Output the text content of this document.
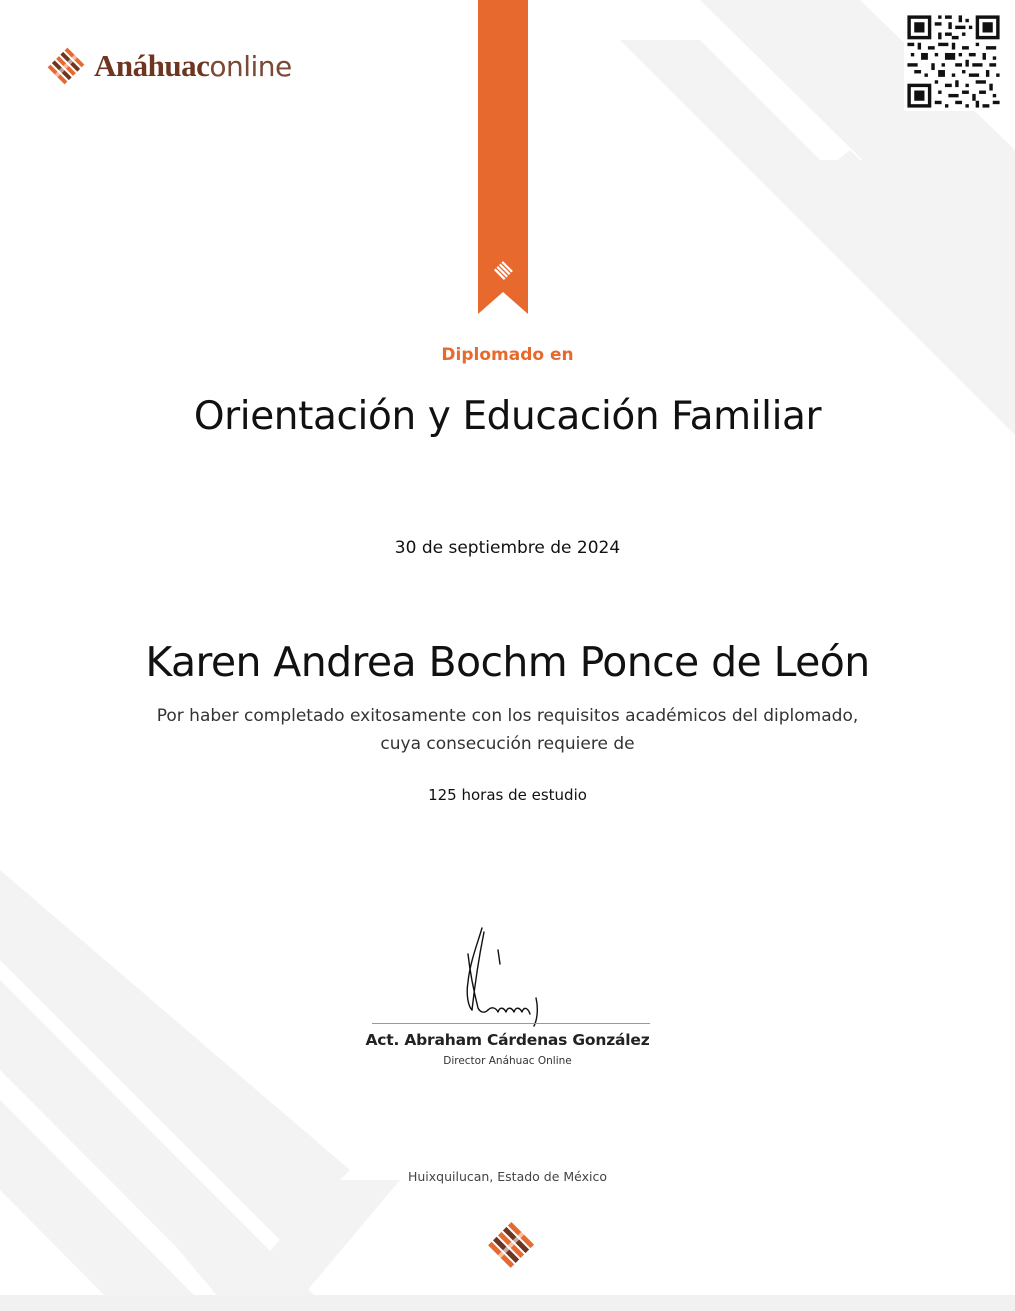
Anáhuaconline
Diplomado en
Orientación y Educación Familiar
30 de septiembre de 2024
Karen Andrea Bochm Ponce de León
Por haber completado exitosamente con los requisitos académicos del diplomado,
cuya consecución requiere de
125 horas de estudio
Act. Abraham Cárdenas González
Director Anáhuac Online
Huixquilucan, Estado de México
